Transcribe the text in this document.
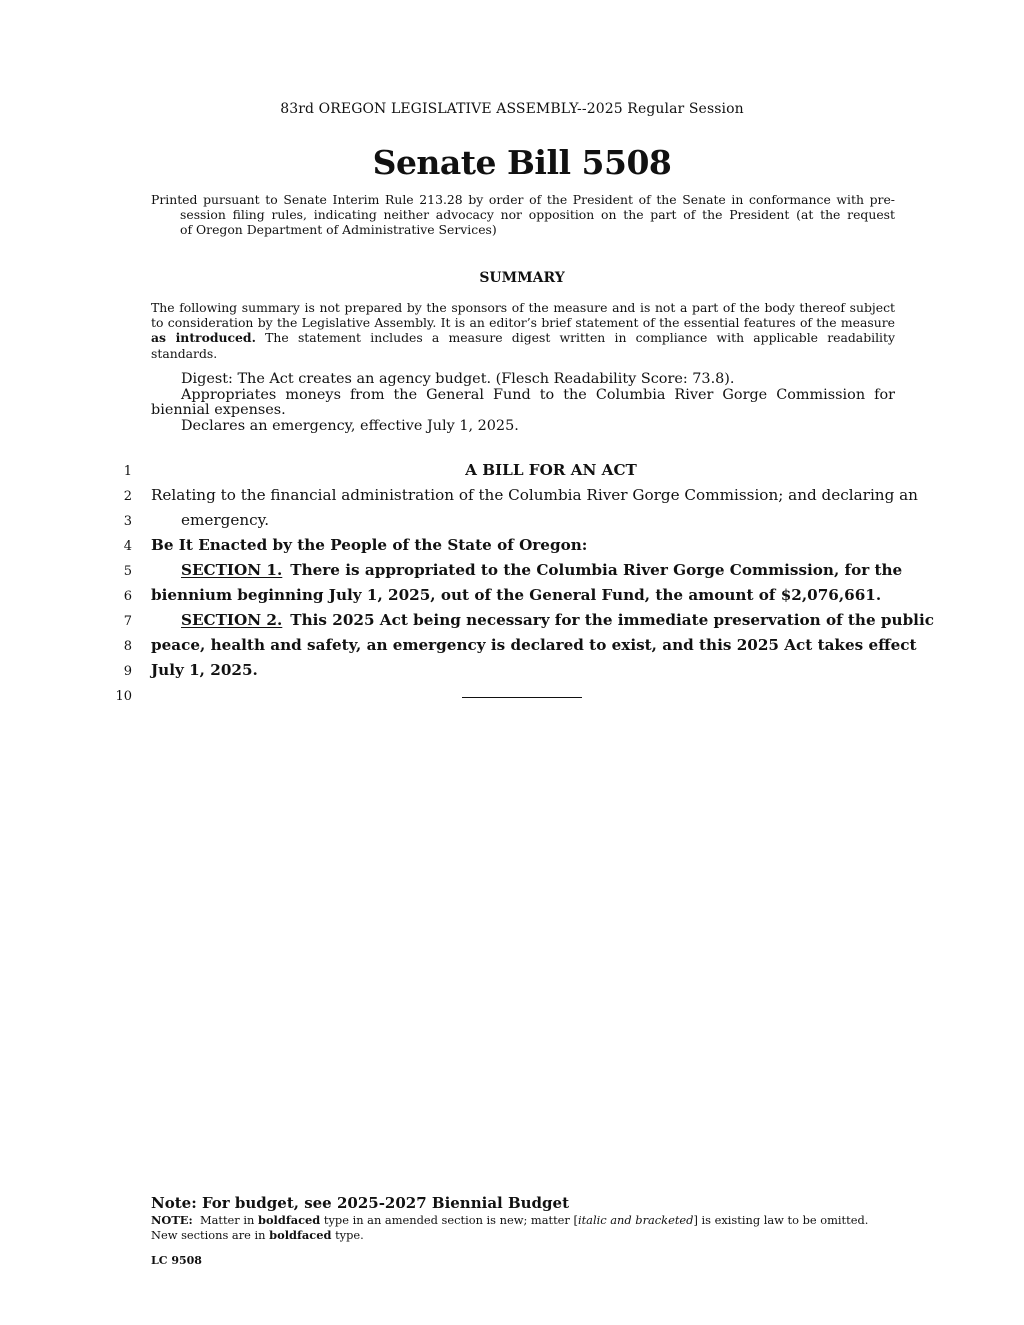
83rd OREGON LEGISLATIVE ASSEMBLY--2025 Regular Session
Senate Bill 5508
Printed pursuant to Senate Interim Rule 213.28 by order of the President of the Senate in conformance with pre-
session filing rules, indicating neither advocacy nor opposition on the part of the President (at the request
of Oregon Department of Administrative Services)
SUMMARY
The following summary is not prepared by the sponsors of the measure and is not a part of the body thereof subject to consideration by the Legislative Assembly. It is an editor’s brief statement of the essential features of the measure as introduced. The statement includes a measure digest written in compliance with applicable readability standards.

Digest: The Act creates an agency budget. (Flesch Readability Score: 73.8).

Appropriates moneys from the General Fund to the Columbia River Gorge Commission for

biennial expenses.

Declares an emergency, effective July 1, 2025.

1
2
3
4
5
6
7
8
9
10
A BILL FOR AN ACT
Relating to the financial administration of the Columbia River Gorge Commission; and declaring an
emergency.
Be It Enacted by the People of the State of Oregon:
SECTION 1. There is appropriated to the Columbia River Gorge Commission, for the
biennium beginning July 1, 2025, out of the General Fund, the amount of $2,076,661.
SECTION 2. This 2025 Act being necessary for the immediate preservation of the public
peace, health and safety, an emergency is declared to exist, and this 2025 Act takes effect
July 1, 2025.
Note: For budget, see 2025-2027 Biennial Budget
NOTE: Matter in boldfaced type in an amended section is new; matter [italic and bracketed] is existing law to be omitted.
New sections are in boldfaced type.
LC 9508
